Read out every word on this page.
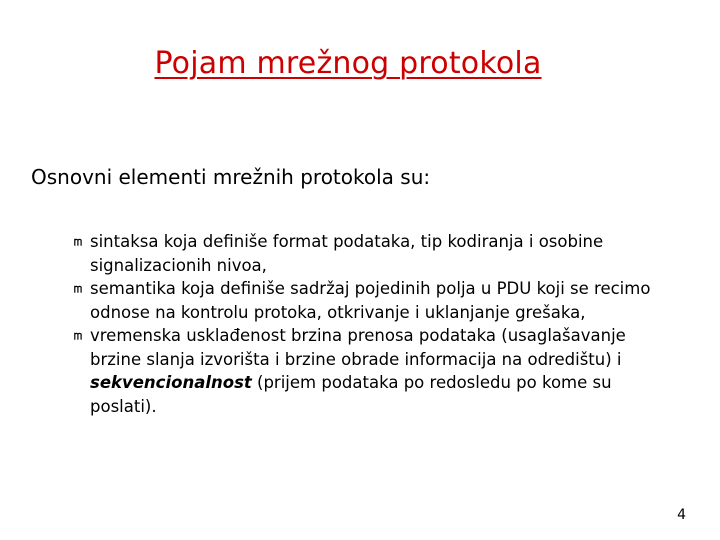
Pojam mrežnog protokola
Osnovni elementi mrežnih protokola su:
sintaksa koja definiše format podataka, tip kodiranja i osobine signalizacionih nivoa,
semantika koja definiše sadržaj pojedinih polja u PDU koji se recimo odnose na kontrolu protoka, otkrivanje i uklanjanje grešaka,
vremenska usklađenost brzina prenosa podataka (usaglašavanje brzine slanja izvorišta i brzine obrade informacija na odredištu) i sekvencionalnost (prijem podataka po redosledu po kome su poslati).
4
